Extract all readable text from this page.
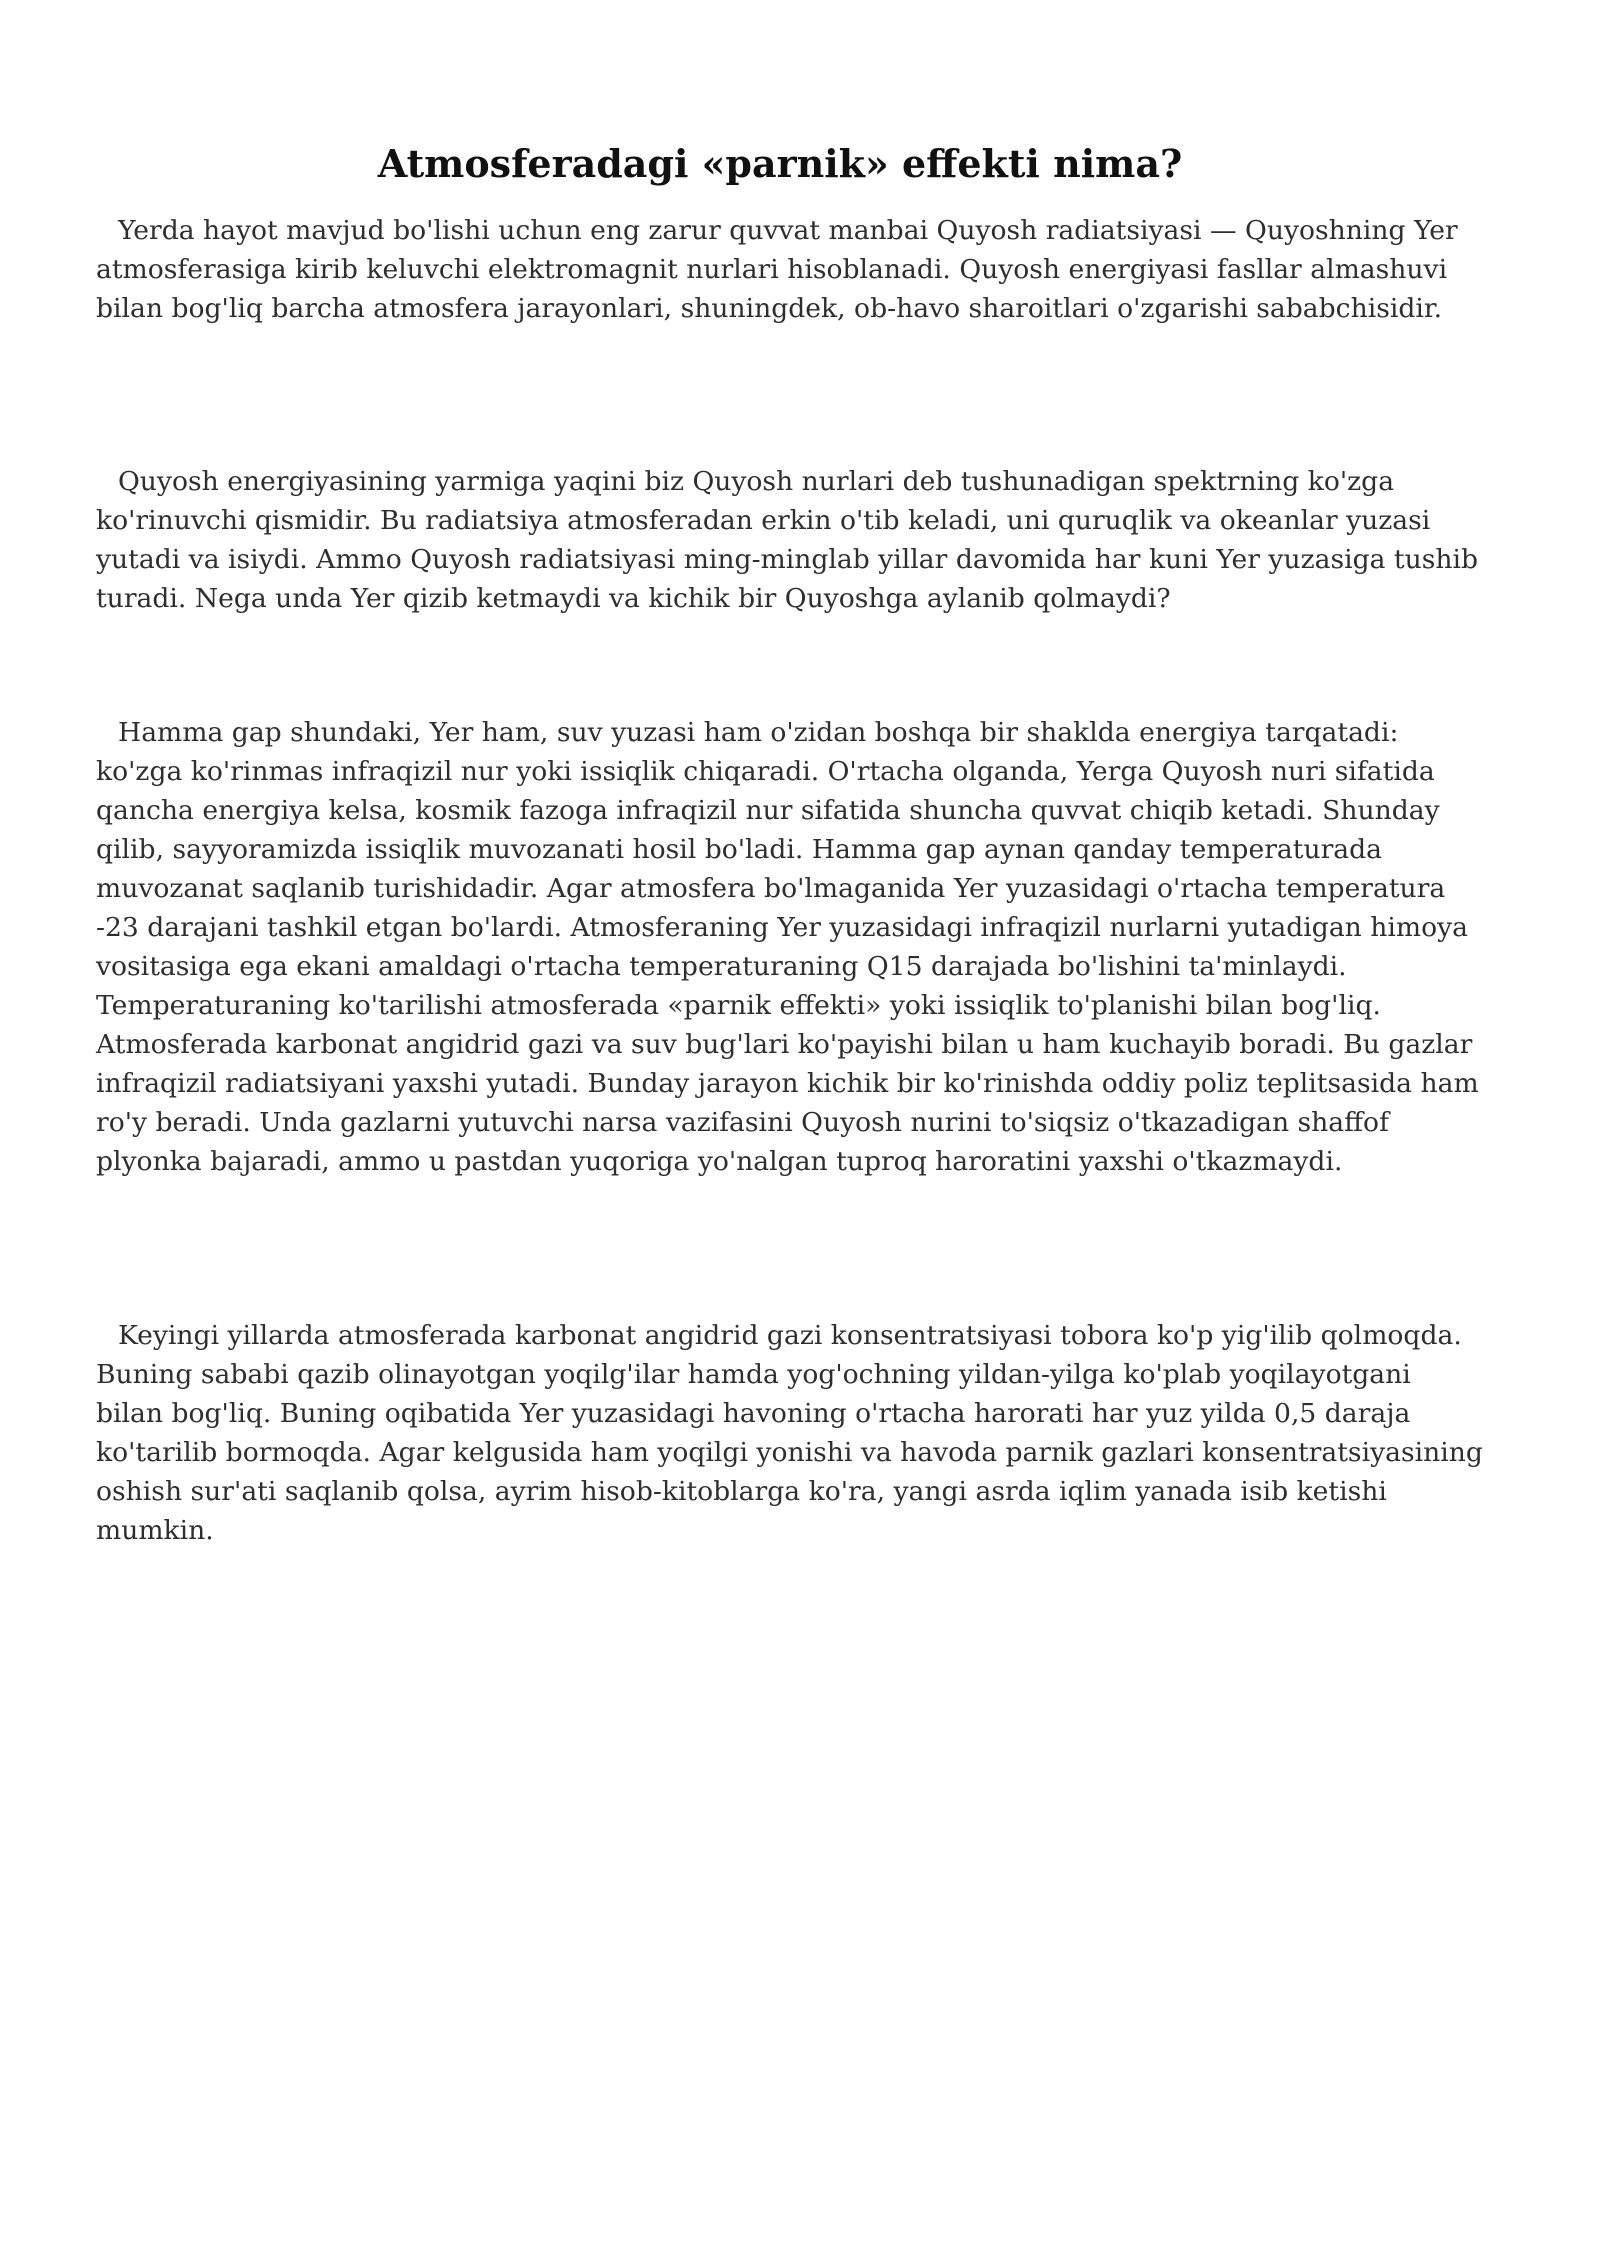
Atmosferadagi «parnik» effekti nima?

Yerda hayot mavjud bo'lishi uchun eng zarur quvvat manbai Quyosh radiatsiyasi — Quyoshning Yer atmosferasiga kirib keluvchi elektromagnit nurlari hisoblanadi. Quyosh energiyasi fasllar almashuvi bilan bog'liq barcha atmosfera jarayonlari, shuningdek, ob-havo sharoitlari o'zgarishi sababchisidir.

Quyosh energiyasining yarmiga yaqini biz Quyosh nurlari deb tushunadigan spektrning ko'zga ko'rinuvchi qismidir. Bu radiatsiya atmosferadan erkin o'tib keladi, uni quruqlik va okeanlar yuzasi yutadi va isiydi. Ammo Quyosh radiatsiyasi ming-minglab yillar davomida har kuni Yer yuzasiga tushib turadi. Nega unda Yer qizib ketmaydi va kichik bir Quyoshga aylanib qolmaydi?

Hamma gap shundaki, Yer ham, suv yuzasi ham o'zidan boshqa bir shaklda energiya tarqatadi: ko'zga ko'rinmas infraqizil nur yoki issiqlik chiqaradi. O'rtacha olganda, Yerga Quyosh nuri sifatida qancha energiya kelsa, kosmik fazoga infraqizil nur sifatida shuncha quvvat chiqib ketadi. Shunday qilib, sayyoramizda issiqlik muvozanati hosil bo'ladi. Hamma gap aynan qanday temperaturada muvozanat saqlanib turishidadir. Agar atmosfera bo'lmaganida Yer yuzasidagi o'rtacha temperatura -23 darajani tashkil etgan bo'lardi. Atmosferaning Yer yuzasidagi infraqizil nurlarni yutadigan himoya vositasiga ega ekani amaldagi o'rtacha temperaturaning Q15 darajada bo'lishini ta'minlaydi. Temperaturaning ko'tarilishi atmosferada «parnik effekti» yoki issiqlik to'planishi bilan bog'liq. Atmosferada karbonat angidrid gazi va suv bug'lari ko'payishi bilan u ham kuchayib boradi. Bu gazlar infraqizil radiatsiyani yaxshi yutadi. Bunday jarayon kichik bir ko'rinishda oddiy poliz teplitsasida ham ro'y beradi. Unda gazlarni yutuvchi narsa vazifasini Quyosh nurini to'siqsiz o'tkazadigan shaffof plyonka bajaradi, ammo u pastdan yuqoriga yo'nalgan tuproq haroratini yaxshi o'tkazmaydi.

Keyingi yillarda atmosferada karbonat angidrid gazi konsentratsiyasi tobora ko'p yig'ilib qolmoqda. Buning sababi qazib olinayotgan yoqilg'ilar hamda yog'ochning yildan-yilga ko'plab yoqilayotgani bilan bog'liq. Buning oqibatida Yer yuzasidagi havoning o'rtacha harorati har yuz yilda 0,5 daraja ko'tarilib bormoqda. Agar kelgusida ham yoqilgi yonishi va havoda parnik gazlari konsentratsiyasining oshish sur'ati saqlanib qolsa, ayrim hisob-kitoblarga ko'ra, yangi asrda iqlim yanada isib ketishi mumkin.
